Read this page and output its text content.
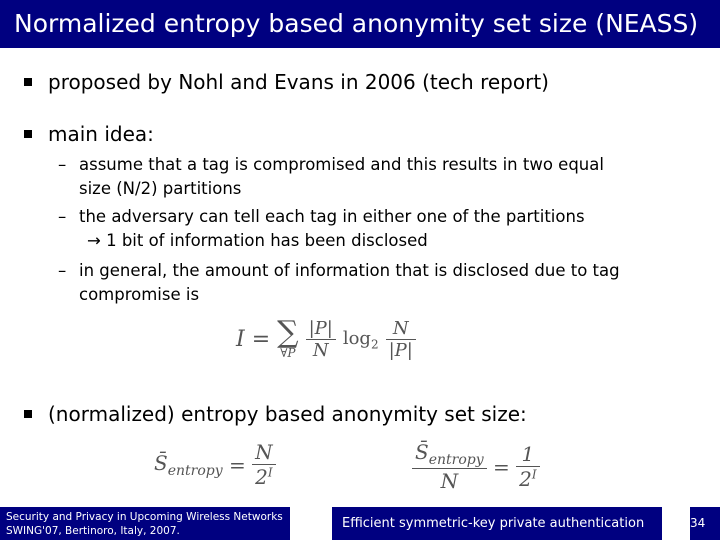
Normalized entropy based anonymity set size (NEASS)
proposed by Nohl and Evans in 2006 (tech report)
main idea:
– assume that a tag is compromised and this results in two equal
size (N/2) partitions
– the adversary can tell each tag in either one of the partitions
→ 1 bit of information has been disclosed
– in general, the amount of information that is disclosed due to tag
compromise is
I = ∑
∀P
$\frac{|P|}{N} \log_2 \frac{N}{|P|}$
(normalized) entropy based anonymity set size:
$S̄_{entropy} = \frac{N}{2^I}$	$\frac{S̄_{entropy}}{N} = \frac{1}{2^I}$
Security and Privacy in Upcoming Wireless Networks
SWING'07, Bertinoro, Italy, 2007.	Efficient symmetric-key private authentication	34
